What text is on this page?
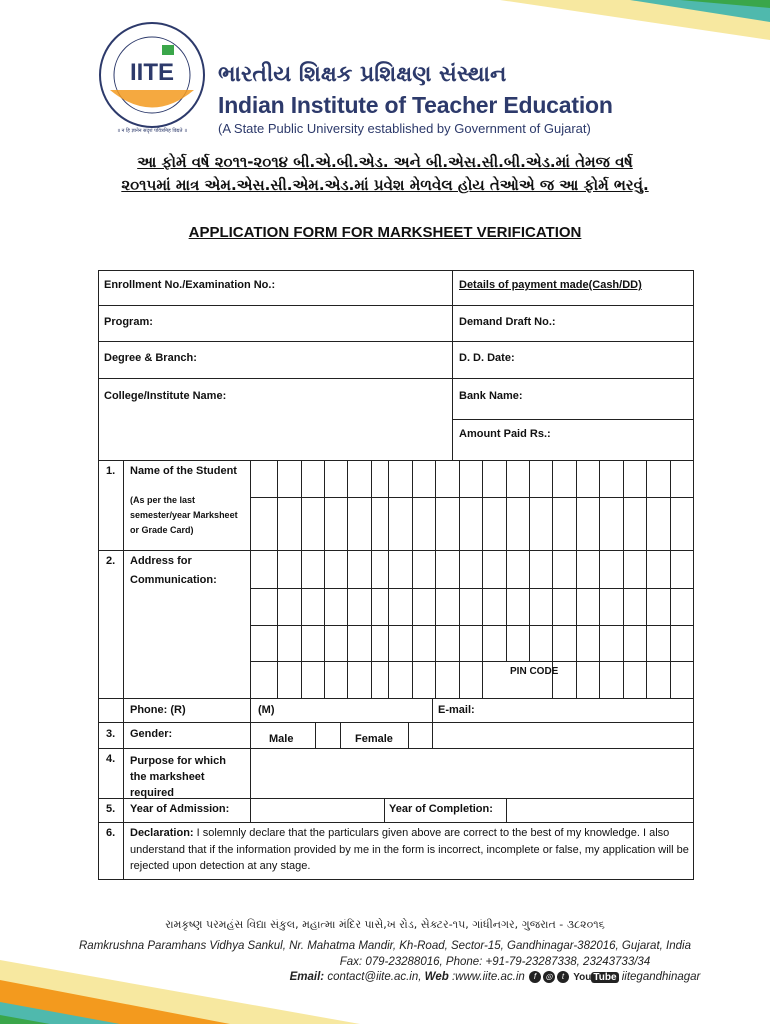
IITE
॥ न हि ज्ञानेन सदृशं पवित्रमिह विद्यते ॥
ભારતીય શિક્ષક પ્રશિક્ષણ સંસ્થાન
Indian Institute of Teacher Education
(A State Public University established by Government of Gujarat)
આ ફોર્મ વર્ષ ૨૦૧૧-૨૦૧૪ બી.એ.બી.એડ. અને બી.એસ.સી.બી.એડ.માં તેમજ વર્ષ
૨૦૧૫માં માત્ર એમ.એસ.સી.એમ.એડ.માં પ્રવેશ મેળવેલ હોય તેઓએ જ આ ફોર્મ ભરવું.
APPLICATION FORM FOR MARKSHEET VERIFICATION
Enrollment No./Examination No.:	Details of payment made(Cash/DD)
Program:	Demand Draft No.:
Degree & Branch:	D. D. Date:
College/Institute Name:	Bank Name:
Amount Paid Rs.:
1. Name of the Student
(As per the last semester/year Marksheet or Grade Card)
2. Address for
Communication:
PIN CODE
Phone: (R)	(M)	E-mail:
3. Gender:	Male	Female
4. Purpose for which the marksheet required
5. Year of Admission:	Year of Completion:
6. Declaration: I solemnly declare that the particulars given above are correct to the best of my knowledge. I also understand that if the information provided by me in the form is incorrect, incomplete or false, my application will be rejected upon detection at any stage.
રામકૃષ્ણ પરમહંસ વિદ્યા સંકુલ, મહાત્મા મંદિર પાસે,ખ રોડ, સેક્ટર-૧૫, ગાંધીનગર, ગુજરાત - ૩૮૨૦૧૬
Ramkrushna Paramhans Vidhya Sankul, Nr. Mahatma Mandir, Kh-Road, Sector-15, Gandhinagar-382016, Gujarat, India
Fax: 079-23288016, Phone: +91-79-23287338, 23243733/34
Email: contact@iite.ac.in, Web :www.iite.ac.in f ◎ t You Tube iitegandhinagar
